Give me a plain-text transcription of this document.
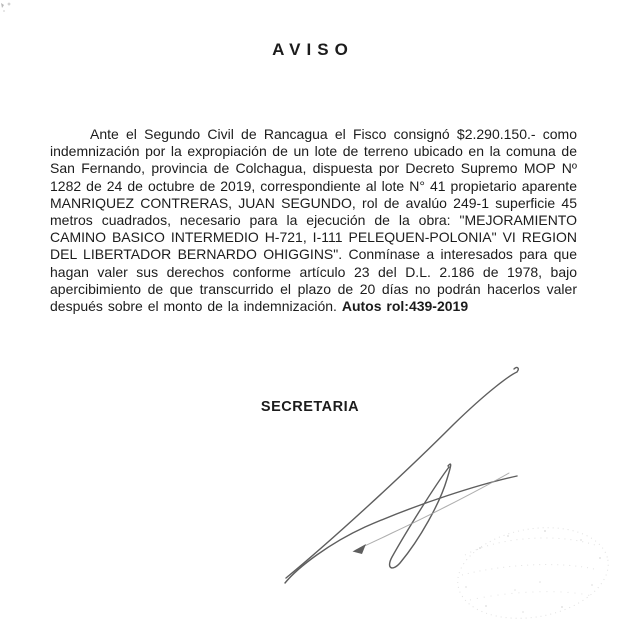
AVISO
Ante el Segundo Civil de Rancagua el Fisco consignó $2.290.150.- como indemnización por la expropiación de un lote de terreno ubicado en la comuna de San Fernando, provincia de Colchagua, dispuesta por Decreto Supremo MOP Nº 1282 de 24 de octubre de 2019, correspondiente al lote N° 41 propietario aparente MANRIQUEZ CONTRERAS, JUAN SEGUNDO, rol de avalúo 249-1 superficie 45 metros cuadrados, necesario para la ejecución de la obra: "MEJORAMIENTO CAMINO BASICO INTERMEDIO H-721, I-111 PELEQUEN-POLONIA" VI REGION DEL LIBERTADOR BERNARDO OHIGGINS". Conmínase a interesados para que hagan valer sus derechos conforme artículo 23 del D.L. 2.186 de 1978, bajo apercibimiento de que transcurrido el plazo de 20 días no podrán hacerlos valer después sobre el monto de la indemnización. Autos rol:439-2019
SECRETARIA
